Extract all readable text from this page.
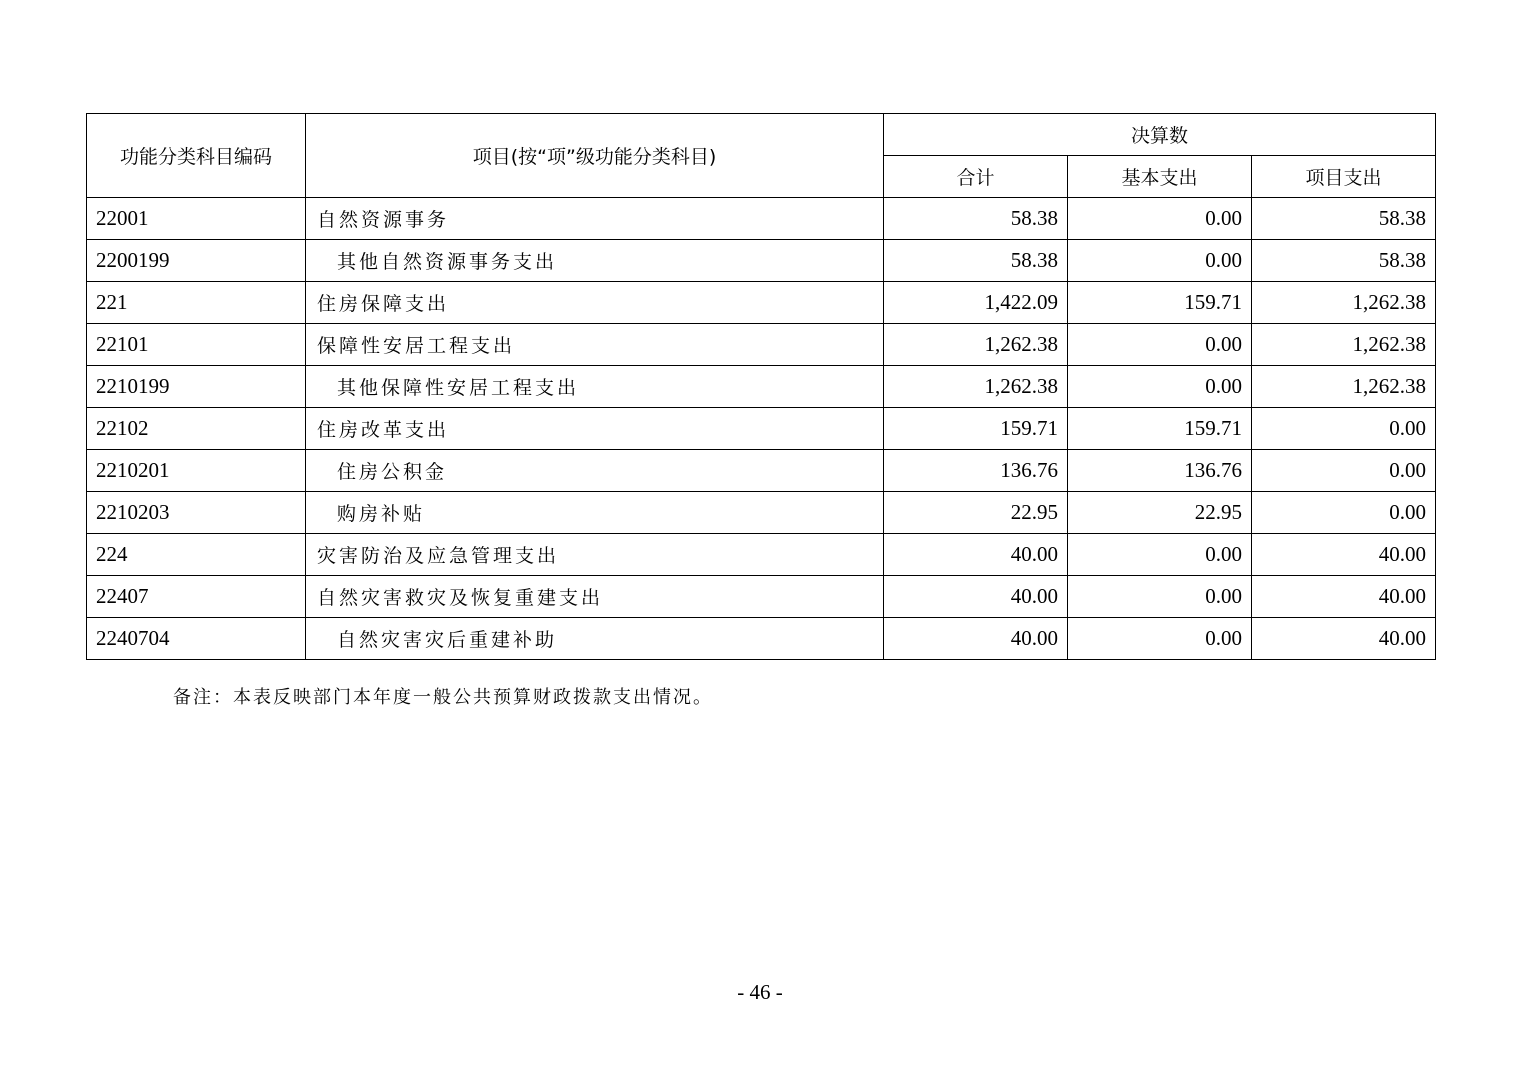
功能分类科目编码	项目(按“项”级功能分类科目)	决算数		
		合计	基本支出	项目支出
22001	自然资源事务	58.38	0.00	58.38
2200199	其他自然资源事务支出	58.38	0.00	58.38
221	住房保障支出	1,422.09	159.71	1,262.38
22101	保障性安居工程支出	1,262.38	0.00	1,262.38
2210199	其他保障性安居工程支出	1,262.38	0.00	1,262.38
22102	住房改革支出	159.71	159.71	0.00
2210201	住房公积金	136.76	136.76	0.00
2210203	购房补贴	22.95	22.95	0.00
224	灾害防治及应急管理支出	40.00	0.00	40.00
22407	自然灾害救灾及恢复重建支出	40.00	0.00	40.00
2240704	自然灾害灾后重建补助	40.00	0.00	40.00
备注：本表反映部门本年度一般公共预算财政拨款支出情况。
- 46 -
